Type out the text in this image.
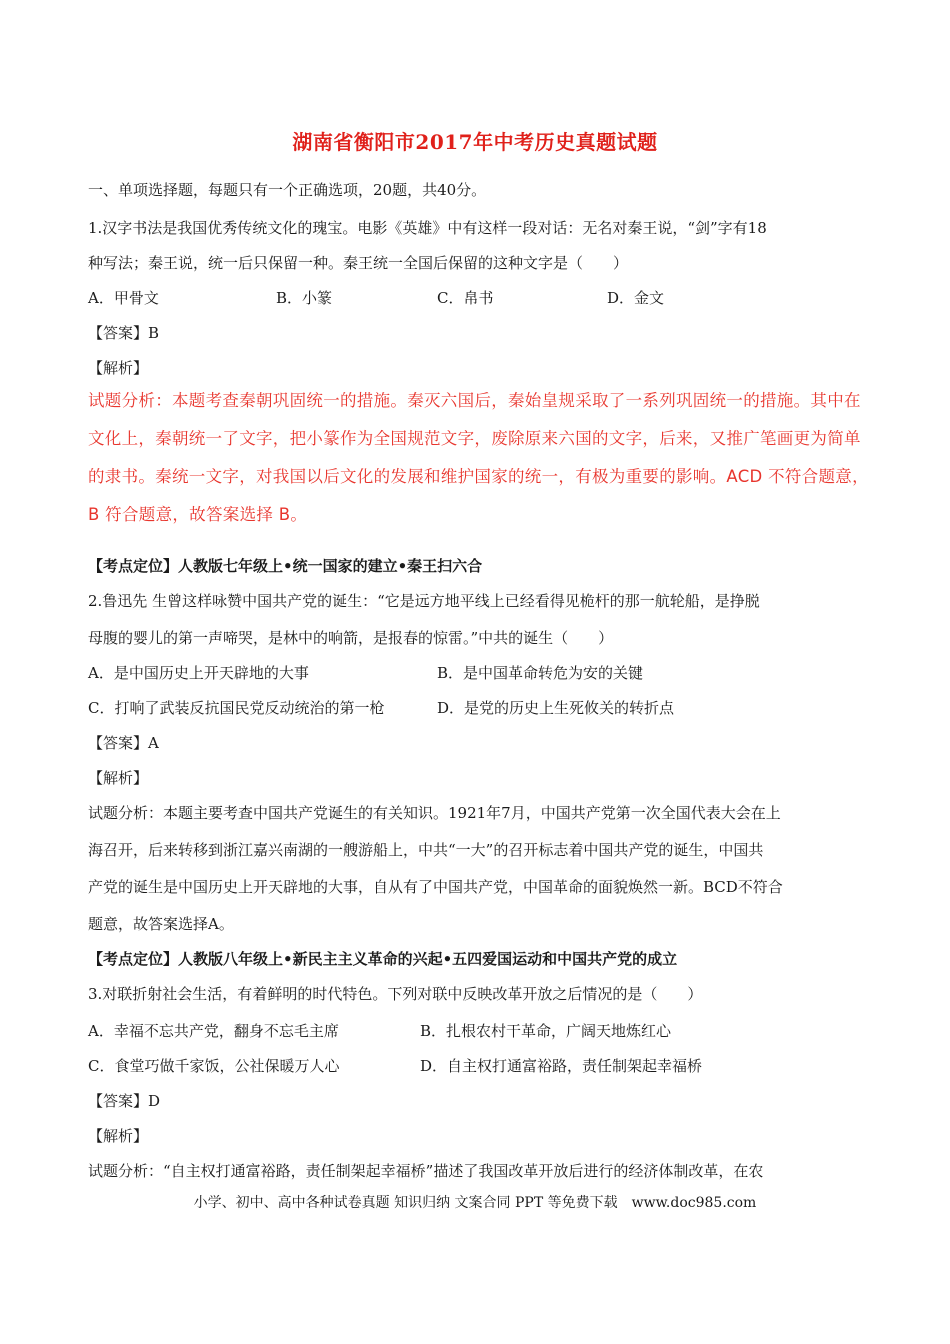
湖南省衡阳市2017年中考历史真题试题
一、单项选择题，每题只有一个正确选项，20题，共40分。
1.汉字书法是我国优秀传统文化的瑰宝。电影《英雄》中有这样一段对话：无名对秦王说，“剑”字有18
种写法；秦王说，统一后只保留一种。秦王统一全国后保留的这种文字是（　　）
A．甲骨文	B．小篆	C．帛书	D．金文
【答案】B
【解析】
试题分析：本题考查秦朝巩固统一的措施。秦灭六国后，秦始皇规采取了一系列巩固统一的措施。其中在
文化上，秦朝统一了文字，把小篆作为全国规范文字，废除原来六国的文字，后来，又推广笔画更为简单
的隶书。秦统一文字，对我国以后文化的发展和维护国家的统一，有极为重要的影响。ACD 不符合题意，
B 符合题意，故答案选择 B。
【考点定位】人教版七年级上•统一国家的建立•秦王扫六合
2.鲁迅先 生曾这样咏赞中国共产党的诞生：“它是远方地平线上已经看得见桅杆的那一航轮船，是挣脱
母腹的婴儿的第一声啼哭，是林中的响箭，是报春的惊雷。”中共的诞生（　　）
A．是中国历史上开天辟地的大事	B．是中国革命转危为安的关键
C．打响了武装反抗国民党反动统治的第一枪	D．是党的历史上生死攸关的转折点
【答案】A
【解析】
试题分析：本题主要考查中国共产党诞生的有关知识。1921年7月，中国共产党第一次全国代表大会在上
海召开，后来转移到浙江嘉兴南湖的一艘游船上，中共“一大”的召开标志着中国共产党的诞生，中国共
产党的诞生是中国历史上开天辟地的大事，自从有了中国共产党，中国革命的面貌焕然一新。BCD不符合
题意，故答案选择A。
【考点定位】人教版八年级上•新民主主义革命的兴起•五四爱国运动和中国共产党的成立
3.对联折射社会生活，有着鲜明的时代特色。下列对联中反映改革开放之后情况的是（　　）
A．幸福不忘共产党，翻身不忘毛主席	B．扎根农村干革命，广阔天地炼红心
C．食堂巧做千家饭，公社保暖万人心	D．自主权打通富裕路，责任制架起幸福桥
【答案】D
【解析】
试题分析：“自主权打通富裕路，责任制架起幸福桥”描述了我国改革开放后进行的经济体制改革，在农
小学、初中、高中各种试卷真题 知识归纳 文案合同 PPT 等免费下载　www.doc985.com
